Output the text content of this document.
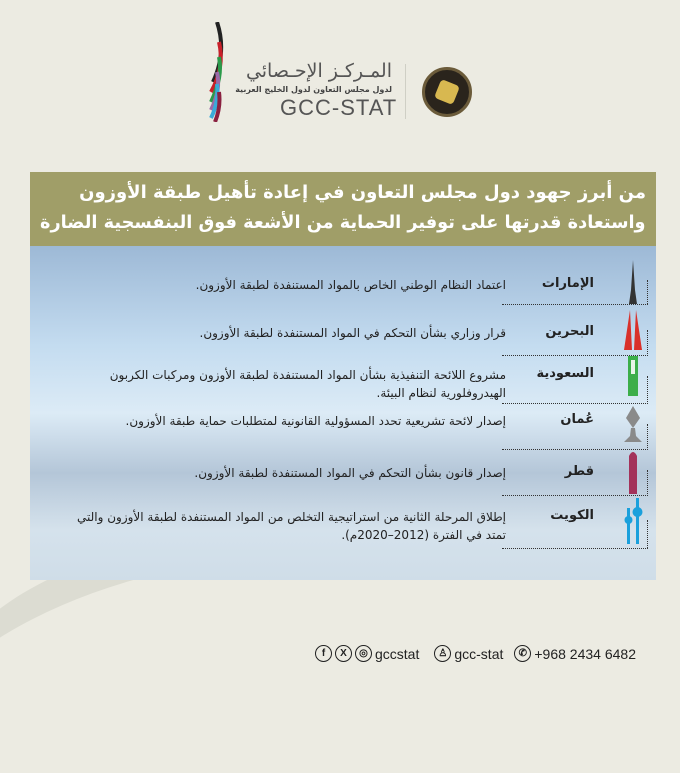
المـركـز الإحـصائي
لدول مجلس التعاون لدول الخليج العربية
GCC-STAT
من أبرز جهود دول مجلس التعاون في إعادة تأهيل طبقة الأوزون
واستعادة قدرتها على توفير الحماية من الأشعة فوق البنفسجية الضارة
الإمارات
اعتماد النظام الوطني الخاص بالمواد المستنفدة لطبقة الأوزون.
البحرين
قرار وزاري بشأن التحكم في المواد المستنفدة لطبقة الأوزون.
السعودية
مشروع اللائحة التنفيذية بشأن المواد المستنفدة لطبقة الأوزون ومركبات الكربون الهيدروفلورية لنظام البيئة.
عُمان
إصدار لائحة تشريعية تحدد المسؤولية القانونية لمتطلبات حماية طبقة الأوزون.
قطر
إصدار قانون بشأن التحكم في المواد المستنفدة لطبقة الأوزون.
الكويت
إطلاق المرحلة الثانية من استراتيجية التخلص من المواد المستنفدة لطبقة الأوزون والتي تمتد في الفترة (2012–2020م).
f	X	◎ gccstat	♙ gcc-stat	✆ +968 2434 6482
